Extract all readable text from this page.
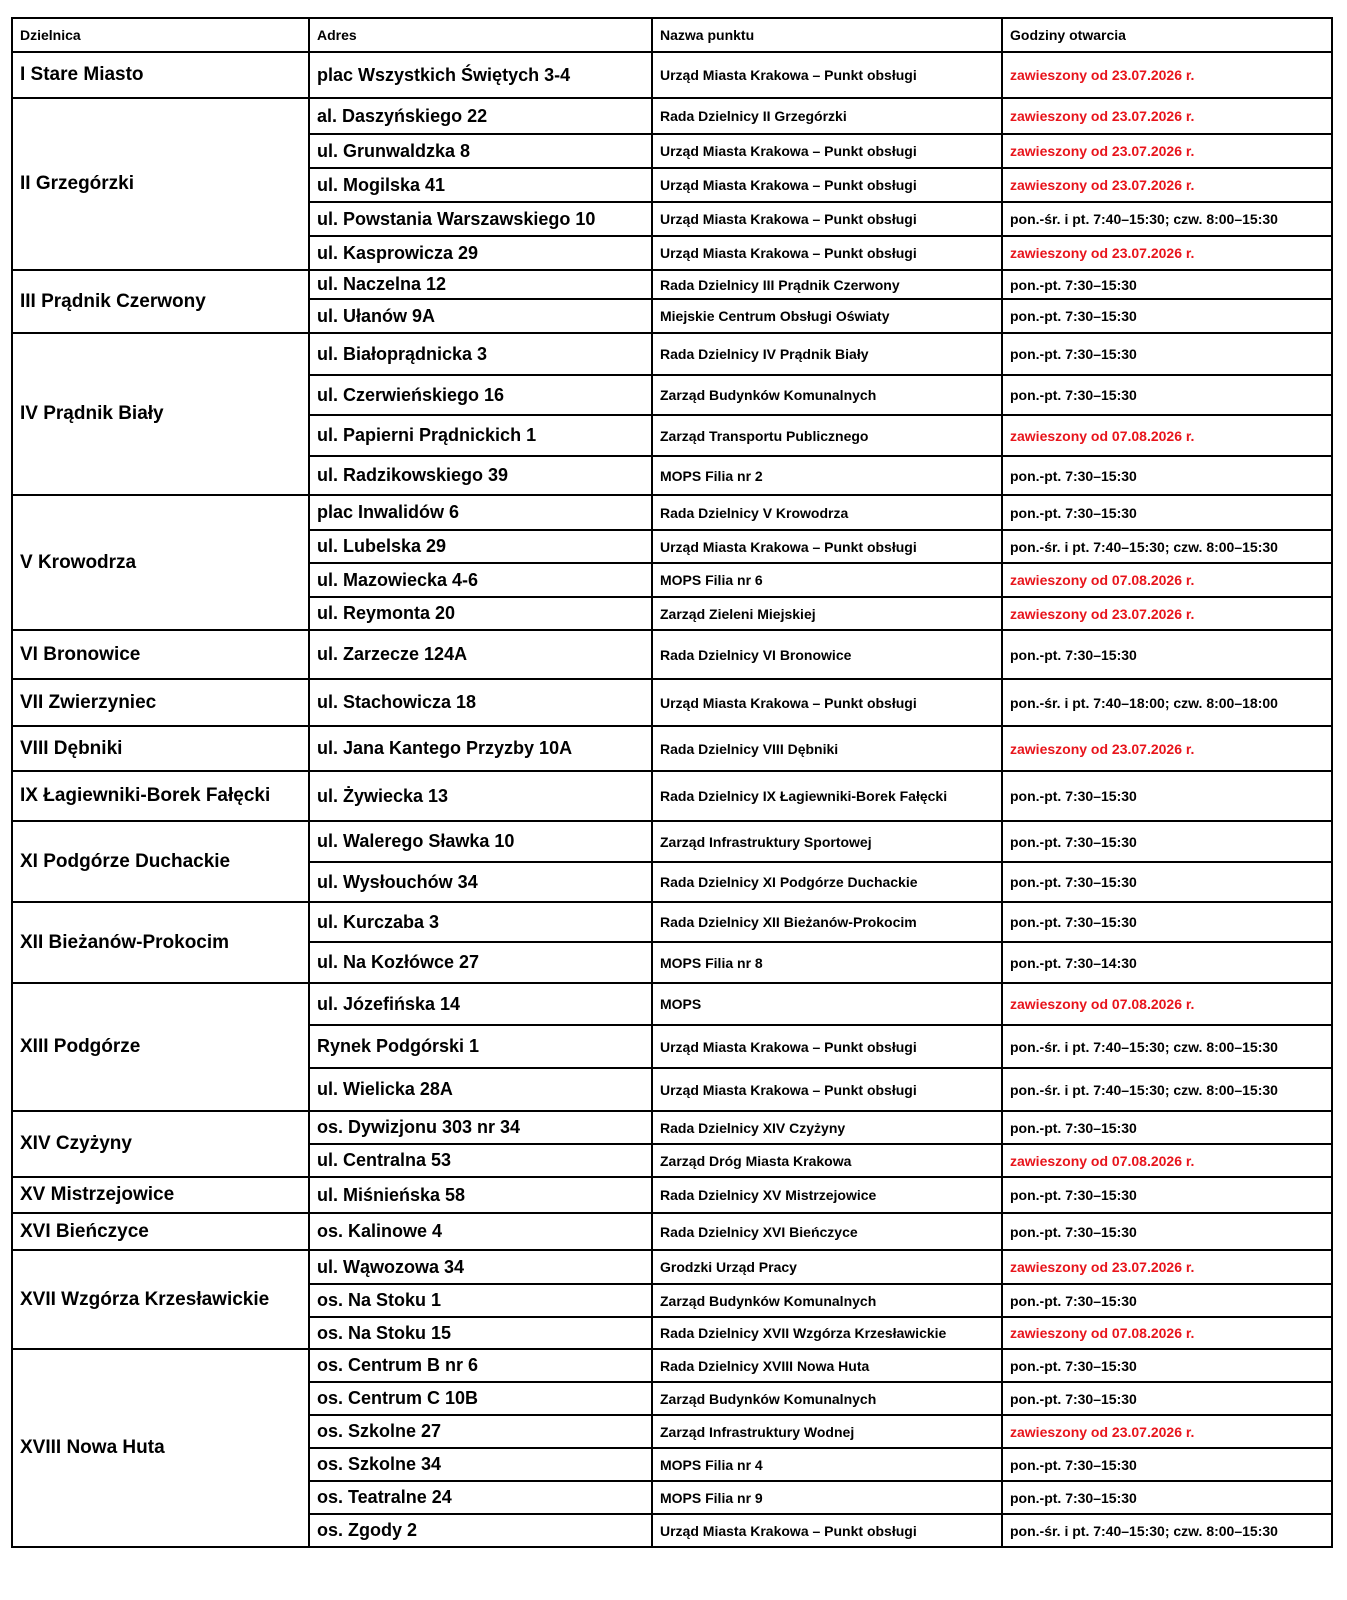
Dzielnica	Adres	Nazwa punktu	Godziny otwarcia
I Stare Miasto	plac Wszystkich Świętych 3-4	Urząd Miasta Krakowa – Punkt obsługi	zawieszony od 23.07.2026 r.
II Grzegórzki	al. Daszyńskiego 22	Rada Dzielnicy II Grzegórzki	zawieszony od 23.07.2026 r.
	ul. Grunwaldzka 8	Urząd Miasta Krakowa – Punkt obsługi	zawieszony od 23.07.2026 r.
	ul. Mogilska 41	Urząd Miasta Krakowa – Punkt obsługi	zawieszony od 23.07.2026 r.
	ul. Powstania Warszawskiego 10	Urząd Miasta Krakowa – Punkt obsługi	pon.-śr. i pt. 7:40–15:30; czw. 8:00–15:30
	ul. Kasprowicza 29	Urząd Miasta Krakowa – Punkt obsługi	zawieszony od 23.07.2026 r.
III Prądnik Czerwony	ul. Naczelna 12	Rada Dzielnicy III Prądnik Czerwony	pon.-pt. 7:30–15:30
	ul. Ułanów 9A	Miejskie Centrum Obsługi Oświaty	pon.-pt. 7:30–15:30
IV Prądnik Biały	ul. Białoprądnicka 3	Rada Dzielnicy IV Prądnik Biały	pon.-pt. 7:30–15:30
	ul. Czerwieńskiego 16	Zarząd Budynków Komunalnych	pon.-pt. 7:30–15:30
	ul. Papierni Prądnickich 1	Zarząd Transportu Publicznego	zawieszony od 07.08.2026 r.
	ul. Radzikowskiego 39	MOPS Filia nr 2	pon.-pt. 7:30–15:30
V Krowodrza	plac Inwalidów 6	Rada Dzielnicy V Krowodrza	pon.-pt. 7:30–15:30
	ul. Lubelska 29	Urząd Miasta Krakowa – Punkt obsługi	pon.-śr. i pt. 7:40–15:30; czw. 8:00–15:30
	ul. Mazowiecka 4-6	MOPS Filia nr 6	zawieszony od 07.08.2026 r.
	ul. Reymonta 20	Zarząd Zieleni Miejskiej	zawieszony od 23.07.2026 r.
VI Bronowice	ul. Zarzecze 124A	Rada Dzielnicy VI Bronowice	pon.-pt. 7:30–15:30
VII Zwierzyniec	ul. Stachowicza 18	Urząd Miasta Krakowa – Punkt obsługi	pon.-śr. i pt. 7:40–18:00; czw. 8:00–18:00
VIII Dębniki	ul. Jana Kantego Przyzby 10A	Rada Dzielnicy VIII Dębniki	zawieszony od 23.07.2026 r.
IX Łagiewniki-Borek Fałęcki	ul. Żywiecka 13	Rada Dzielnicy IX Łagiewniki-Borek Fałęcki	pon.-pt. 7:30–15:30
XI Podgórze Duchackie	ul. Walerego Sławka 10	Zarząd Infrastruktury Sportowej	pon.-pt. 7:30–15:30
	ul. Wysłouchów 34	Rada Dzielnicy XI Podgórze Duchackie	pon.-pt. 7:30–15:30
XII Bieżanów-Prokocim	ul. Kurczaba 3	Rada Dzielnicy XII Bieżanów-Prokocim	pon.-pt. 7:30–15:30
	ul. Na Kozłówce 27	MOPS Filia nr 8	pon.-pt. 7:30–14:30
XIII Podgórze	ul. Józefińska 14	MOPS	zawieszony od 07.08.2026 r.
	Rynek Podgórski 1	Urząd Miasta Krakowa – Punkt obsługi	pon.-śr. i pt. 7:40–15:30; czw. 8:00–15:30
	ul. Wielicka 28A	Urząd Miasta Krakowa – Punkt obsługi	pon.-śr. i pt. 7:40–15:30; czw. 8:00–15:30
XIV Czyżyny	os. Dywizjonu 303 nr 34	Rada Dzielnicy XIV Czyżyny	pon.-pt. 7:30–15:30
	ul. Centralna 53	Zarząd Dróg Miasta Krakowa	zawieszony od 07.08.2026 r.
XV Mistrzejowice	ul. Miśnieńska 58	Rada Dzielnicy XV Mistrzejowice	pon.-pt. 7:30–15:30
XVI Bieńczyce	os. Kalinowe 4	Rada Dzielnicy XVI Bieńczyce	pon.-pt. 7:30–15:30
XVII Wzgórza Krzesławickie	ul. Wąwozowa 34	Grodzki Urząd Pracy	zawieszony od 23.07.2026 r.
	os. Na Stoku 1	Zarząd Budynków Komunalnych	pon.-pt. 7:30–15:30
	os. Na Stoku 15	Rada Dzielnicy XVII Wzgórza Krzesławickie	zawieszony od 07.08.2026 r.
XVIII Nowa Huta	os. Centrum B nr 6	Rada Dzielnicy XVIII Nowa Huta	pon.-pt. 7:30–15:30
	os. Centrum C 10B	Zarząd Budynków Komunalnych	pon.-pt. 7:30–15:30
	os. Szkolne 27	Zarząd Infrastruktury Wodnej	zawieszony od 23.07.2026 r.
	os. Szkolne 34	MOPS Filia nr 4	pon.-pt. 7:30–15:30
	os. Teatralne 24	MOPS Filia nr 9	pon.-pt. 7:30–15:30
	os. Zgody 2	Urząd Miasta Krakowa – Punkt obsługi	pon.-śr. i pt. 7:40–15:30; czw. 8:00–15:30
